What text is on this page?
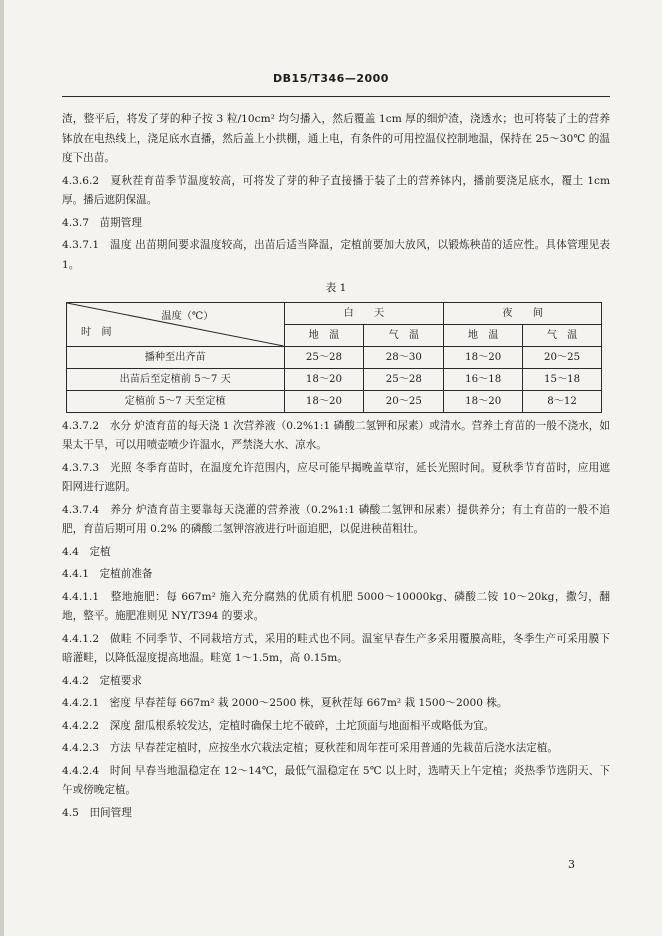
DB15/T346—2000

渣，整平后，将发了芽的种子按 3 粒/10cm² 均匀播入，然后覆盖 1cm 厚的细炉渣，浇透水；也可将装了土的营养钵放在电热线上，浇足底水直播，然后盖上小拱棚，通上电，有条件的可用控温仪控制地温，保持在 25～30℃ 的温度下出苗。

4.3.6.2　夏秋茬育苗季节温度较高，可将发了芽的种子直接播于装了土的营养钵内，播前要浇足底水，覆土 1cm 厚。播后遮阴保温。

4.3.7　苗期管理

4.3.7.1　温度 出苗期间要求温度较高，出苗后适当降温，定植前要加大放风，以锻炼秧苗的适应性。具体管理见表 1。

表 1
温度（℃）
时　间	白　　天		夜　　间	
	地　温	气　温	地　温	气　温
播种至出齐苗	25～28	28～30	18～20	20～25
出苗后至定植前 5～7 天	18～20	25～28	16～18	15～18
定植前 5～7 天至定植	18～20	20～25	18～20	8～12

4.3.7.2　水分 炉渣育苗的每天浇 1 次营养液（0.2%1:1 磷酸二氢钾和尿素）或清水。营养土育苗的一般不浇水，如果太干旱，可以用喷壶喷少许温水，严禁浇大水、凉水。

4.3.7.3　光照 冬季育苗时，在温度允许范围内，应尽可能早揭晚盖草帘，延长光照时间。夏秋季节育苗时，应用遮阳网进行遮阴。

4.3.7.4　养分 炉渣育苗主要靠每天浇灌的营养液（0.2%1:1 磷酸二氢钾和尿素）提供养分；有土育苗的一般不追肥，育苗后期可用 0.2% 的磷酸二氢钾溶液进行叶面追肥，以促进秧苗粗壮。

4.4　定植

4.4.1　定植前准备

4.4.1.1　整地施肥：每 667m² 施入充分腐熟的优质有机肥 5000～10000kg、磷酸二铵 10～20kg，撒匀，翻地，整平。施肥准则见 NY/T394 的要求。

4.4.1.2　做畦 不同季节、不同栽培方式，采用的畦式也不同。温室早春生产多采用覆膜高畦，冬季生产可采用膜下暗灌畦，以降低湿度提高地温。畦宽 1～1.5m，高 0.15m。

4.4.2　定植要求

4.4.2.1　密度 早春茬每 667m² 栽 2000～2500 株，夏秋茬每 667m² 栽 1500～2000 株。

4.4.2.2　深度 甜瓜根系较发达，定植时确保土坨不破碎，土坨顶面与地面相平或略低为宜。

4.4.2.3　方法 早春茬定植时，应按坐水穴栽法定植；夏秋茬和周年茬可采用普通的先栽苗后浇水法定植。

4.4.2.4　时间 早春当地温稳定在 12～14℃，最低气温稳定在 5℃ 以上时，选晴天上午定植；炎热季节选阴天、下午或傍晚定植。

4.5　田间管理

3
